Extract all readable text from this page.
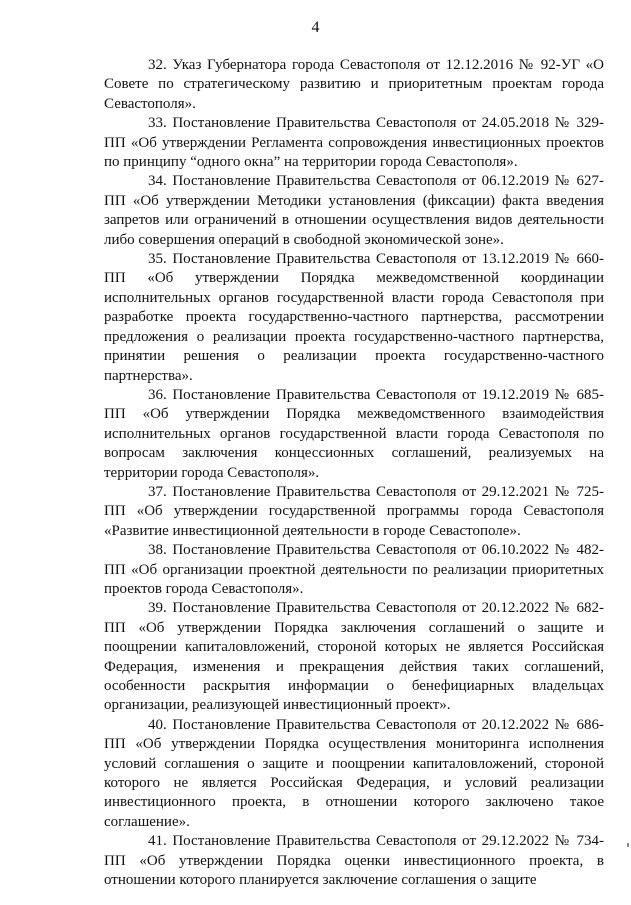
4

32. Указ Губернатора города Севастополя от 12.12.2016 № 92-УГ «О Совете по стратегическому развитию и приоритетным проектам города Севастополя».

33. Постановление Правительства Севастополя от 24.05.2018 № 329-ПП «Об утверждении Регламента сопровождения инвестиционных проектов по принципу “одного окна” на территории города Севастополя».

34. Постановление Правительства Севастополя от 06.12.2019 № 627-ПП «Об утверждении Методики установления (фиксации) факта введения запретов или ограничений в отношении осуществления видов деятельности либо совершения операций в свободной экономической зоне».

35. Постановление Правительства Севастополя от 13.12.2019 № 660-ПП «Об утверждении Порядка межведомственной координации исполнительных органов государственной власти города Севастополя при разработке проекта государственно-частного партнерства, рассмотрении предложения о реализации проекта государственно-частного партнерства, принятии решения о реализации проекта государственно-частного партнерства».

36. Постановление Правительства Севастополя от 19.12.2019 № 685-ПП «Об утверждении Порядка межведомственного взаимодействия исполнительных органов государственной власти города Севастополя по вопросам заключения концессионных соглашений, реализуемых на территории города Севастополя».

37. Постановление Правительства Севастополя от 29.12.2021 № 725-ПП «Об утверждении государственной программы города Севастополя «Развитие инвестиционной деятельности в городе Севастополе».

38. Постановление Правительства Севастополя от 06.10.2022 № 482-ПП «Об организации проектной деятельности по реализации приоритетных проектов города Севастополя».

39. Постановление Правительства Севастополя от 20.12.2022 № 682-ПП «Об утверждении Порядка заключения соглашений о защите и поощрении капиталовложений, стороной которых не является Российская Федерация, изменения и прекращения действия таких соглашений, особенности раскрытия информации о бенефициарных владельцах организации, реализующей инвестиционный проект».

40. Постановление Правительства Севастополя от 20.12.2022 № 686-ПП «Об утверждении Порядка осуществления мониторинга исполнения условий соглашения о защите и поощрении капиталовложений, стороной которого не является Российская Федерация, и условий реализации инвестиционного проекта, в отношении которого заключено такое соглашение».

41. Постановление Правительства Севастополя от 29.12.2022 № 734-ПП «Об утверждении Порядка оценки инвестиционного проекта, в отношении которого планируется заключение соглашения о защите
